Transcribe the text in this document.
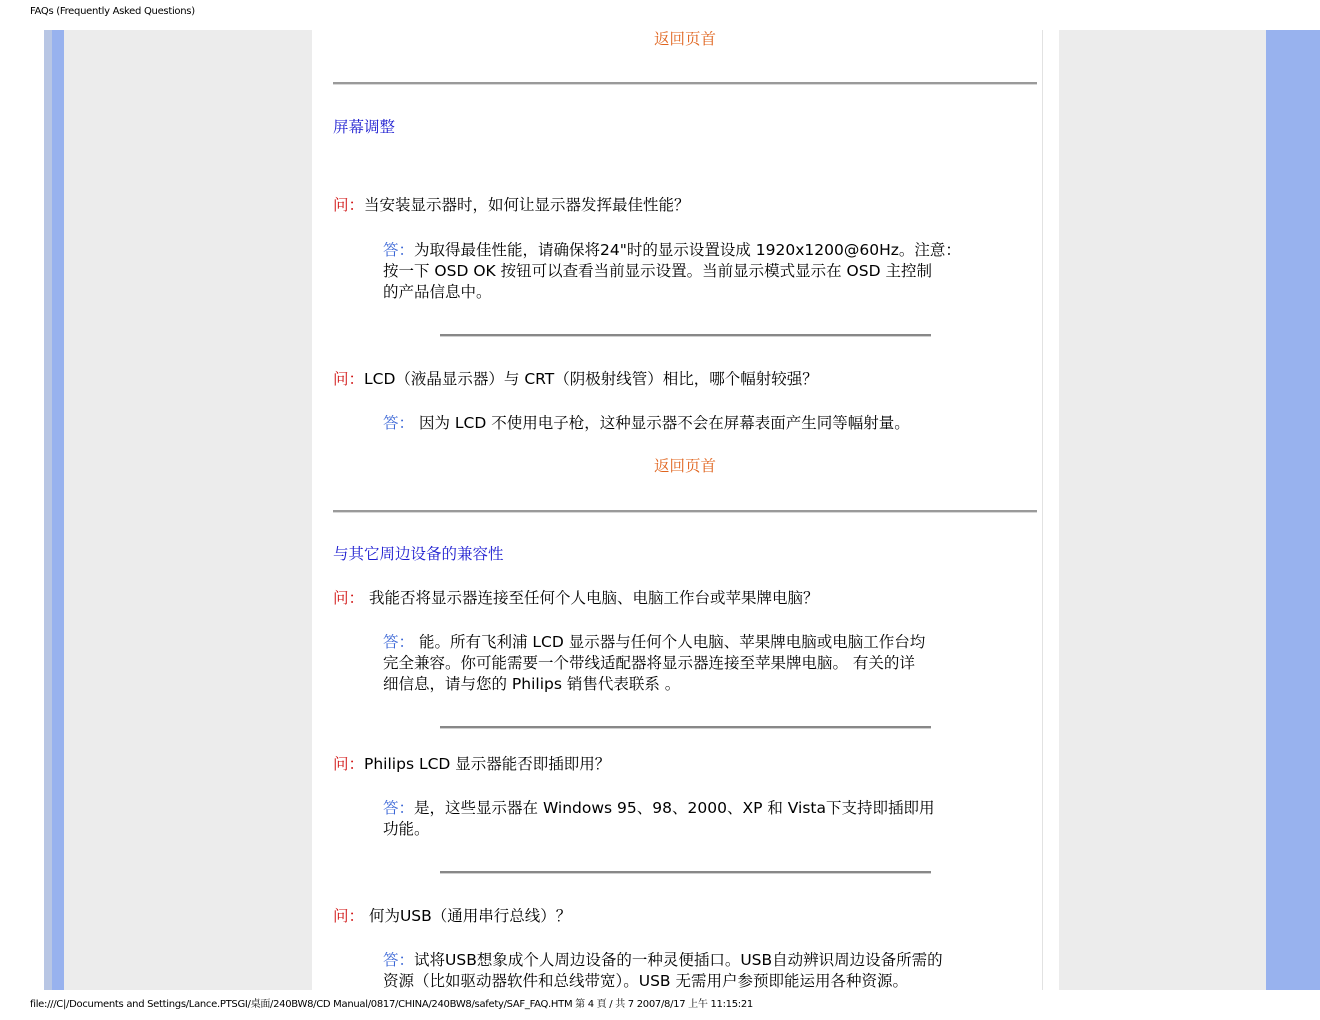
FAQs (Frequently Asked Questions)
返回页首
屏幕调整
问：当安装显示器时，如何让显示器发挥最佳性能？
答：为取得最佳性能，请确保将24"时的显示设置设成 1920x1200@60Hz。注意：
按一下 OSD OK 按钮可以查看当前显示设置。当前显示模式显示在 OSD 主控制
的产品信息中。
问：LCD（液晶显示器）与 CRT（阴极射线管）相比，哪个幅射较强？
答： 因为 LCD 不使用电子枪，这种显示器不会在屏幕表面产生同等幅射量。
返回页首
与其它周边设备的兼容性
问： 我能否将显示器连接至任何个人电脑、电脑工作台或苹果牌电脑？
答： 能。所有飞利浦 LCD 显示器与任何个人电脑、苹果牌电脑或电脑工作台均
完全兼容。你可能需要一个带线适配器将显示器连接至苹果牌电脑。 有关的详
细信息，请与您的 Philips 销售代表联系 。
问：Philips LCD 显示器能否即插即用？
答：是，这些显示器在 Windows 95、98、2000、XP 和 Vista下支持即插即用
功能。
问： 何为USB（通用串行总线）？
答：试将USB想象成个人周边设备的一种灵便插口。USB自动辨识周边设备所需的
资源（比如驱动器软件和总线带宽）。USB 无需用户参预即能运用各种资源。
file:///C|/Documents and Settings/Lance.PTSGI/桌面/240BW8/CD Manual/0817/CHINA/240BW8/safety/SAF_FAQ.HTM 第 4 頁 / 共 7 2007/8/17 上午 11:15:21
